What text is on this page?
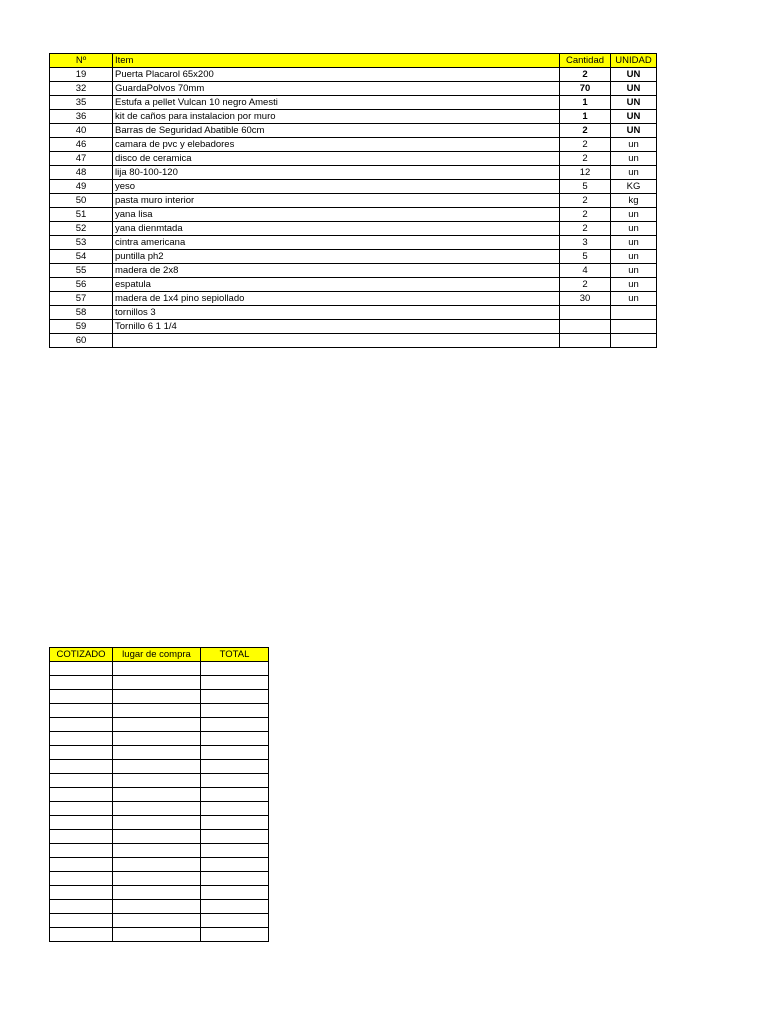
Nº	Item	Cantidad	UNIDAD
19	Puerta Placarol 65x200	2	UN
32	GuardaPolvos 70mm	70	UN
35	Estufa a pellet Vulcan 10 negro Amesti	1	UN
36	kit de caños para instalacion por muro	1	UN
40	Barras de Seguridad Abatible 60cm	2	UN
46	camara de pvc y elebadores	2	un
47	disco de ceramica	2	un
48	lija 80-100-120	12	un
49	yeso	5	KG
50	pasta muro interior	2	kg
51	yana lisa	2	un
52	yana dienmtada	2	un
53	cintra americana	3	un
54	puntilla ph2	5	un
55	madera de 2x8	4	un
56	espatula	2	un
57	madera de 1x4 pino sepiollado	30	un
58	tornillos 3		
59	Tornillo 6 1 1/4		
60			
COTIZADO	lugar de compra	TOTAL
